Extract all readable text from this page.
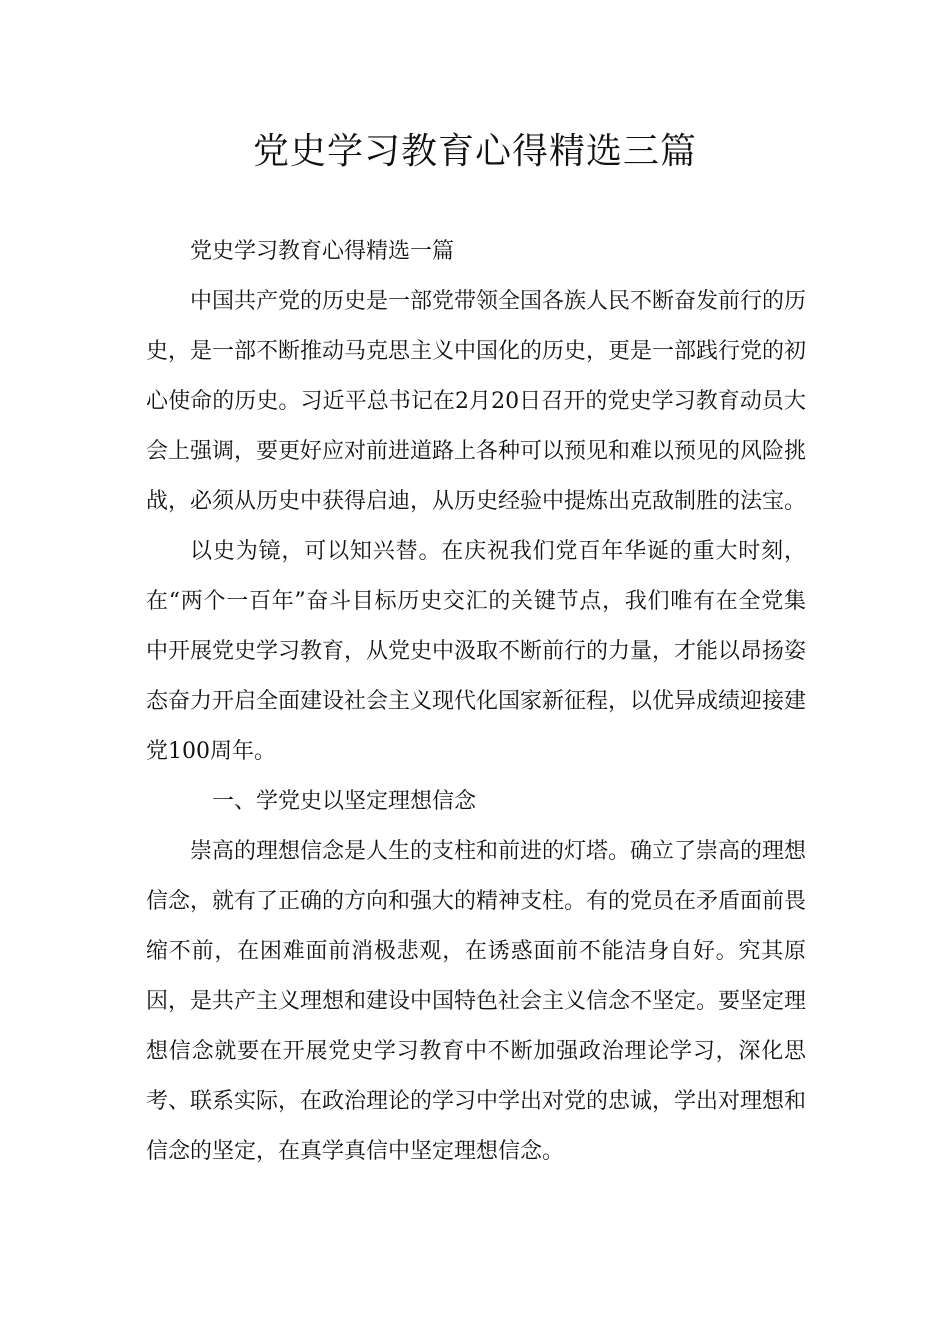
党史学习教育心得精选三篇

党史学习教育心得精选一篇

中国共产党的历史是一部党带领全国各族人民不断奋发前行的历史，是一部不断推动马克思主义中国化的历史，更是一部践行党的初心使命的历史。习近平总书记在2月20日召开的党史学习教育动员大会上强调，要更好应对前进道路上各种可以预见和难以预见的风险挑战，必须从历史中获得启迪，从历史经验中提炼出克敌制胜的法宝。

以史为镜，可以知兴替。在庆祝我们党百年华诞的重大时刻，在“两个一百年”奋斗目标历史交汇的关键节点，我们唯有在全党集中开展党史学习教育，从党史中汲取不断前行的力量，才能以昂扬姿态奋力开启全面建设社会主义现代化国家新征程，以优异成绩迎接建党100周年。

一、学党史以坚定理想信念

崇高的理想信念是人生的支柱和前进的灯塔。确立了崇高的理想信念，就有了正确的方向和强大的精神支柱。有的党员在矛盾面前畏缩不前，在困难面前消极悲观，在诱惑面前不能洁身自好。究其原因，是共产主义理想和建设中国特色社会主义信念不坚定。要坚定理想信念就要在开展党史学习教育中不断加强政治理论学习，深化思考、联系实际，在政治理论的学习中学出对党的忠诚，学出对理想和信念的坚定，在真学真信中坚定理想信念。
